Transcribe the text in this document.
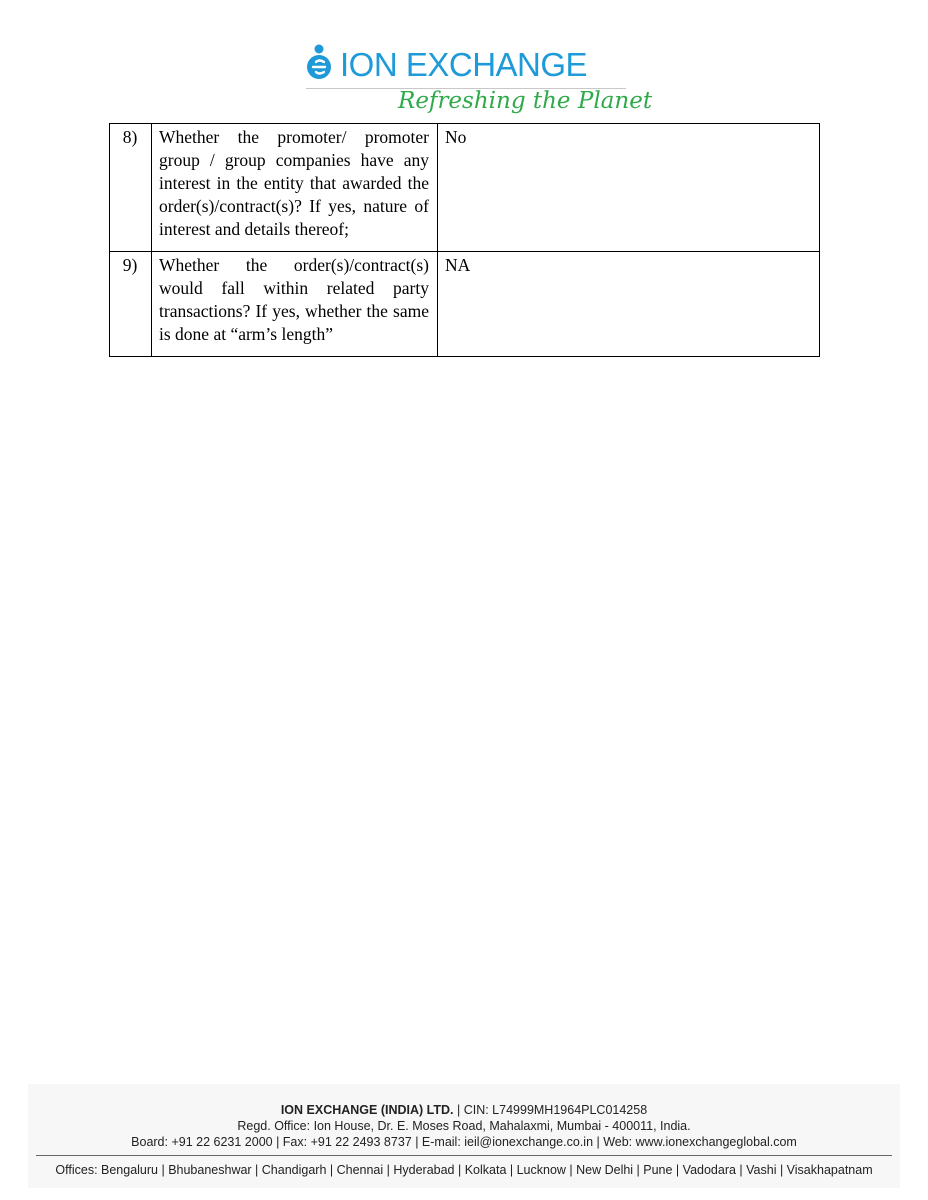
ION EXCHANGE
Refreshing the Planet
8)	Whether the promoter/ promoter group / group companies have any interest in the entity that awarded the order(s)/contract(s)? If yes, nature of interest and details thereof;	No
9)	Whether the order(s)/contract(s) would fall within related party transactions? If yes, whether the same is done at “arm’s length”	NA
ION EXCHANGE (INDIA) LTD. | CIN: L74999MH1964PLC014258
Regd. Office: Ion House, Dr. E. Moses Road, Mahalaxmi, Mumbai - 400011, India.
Board: +91 22 6231 2000 | Fax: +91 22 2493 8737 | E-mail: ieil@ionexchange.co.in | Web: www.ionexchangeglobal.com
Offices: Bengaluru | Bhubaneshwar | Chandigarh | Chennai | Hyderabad | Kolkata | Lucknow | New Delhi | Pune | Vadodara | Vashi | Visakhapatnam
